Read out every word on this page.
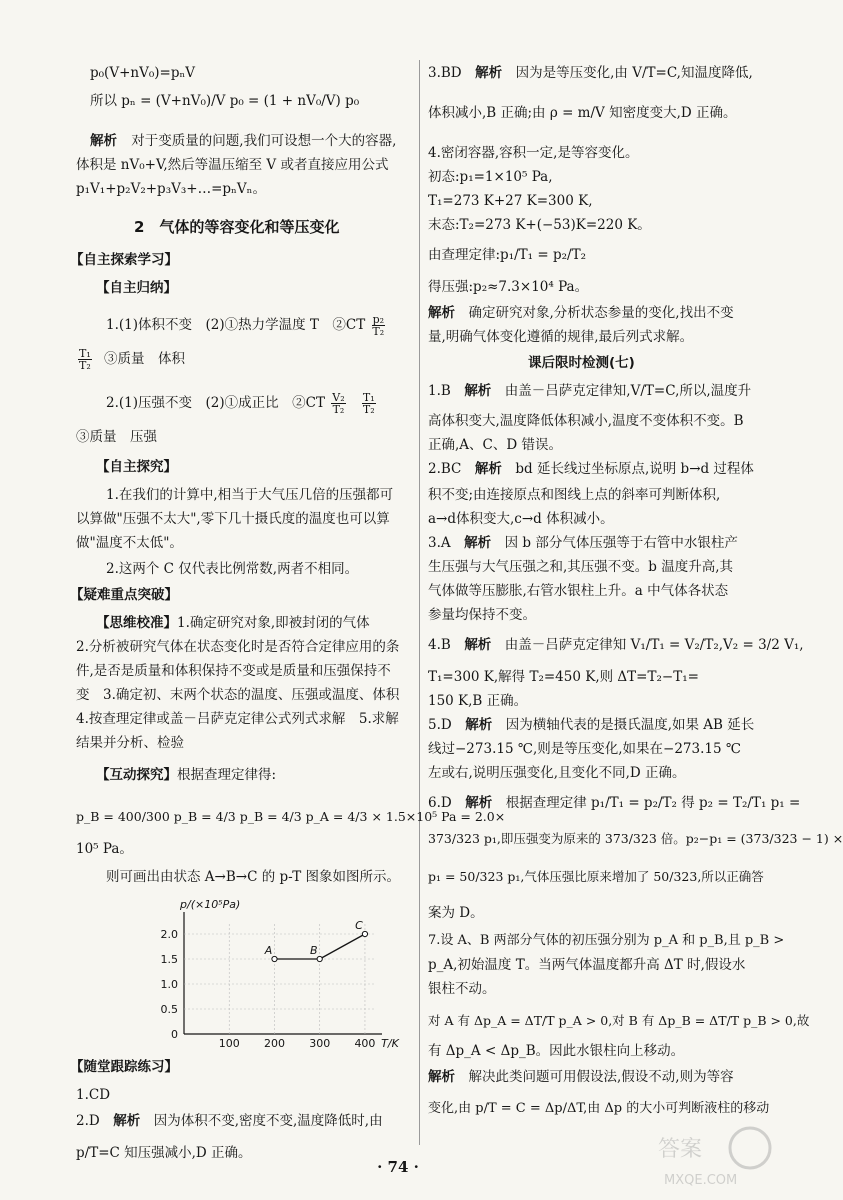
p₀(V+nV₀)=pₙV
所以 pₙ = (V+nV₀)/V p₀ = (1 + nV₀/V) p₀
解析 对于变质量的问题,我们可设想一个大的容器,
体积是 nV₀+V,然后等温压缩至 V 或者直接应用公式
p₁V₁+p₂V₂+p₃V₃+…=pₙVₙ。
2　气体的等容变化和等压变化
【自主探索学习】
【自主归纳】
1.(1)体积不变　(2)①热力学温度 T　②CT $\frac{\text{p₂}}{\text{T₂}}$
$\frac{\text{T₁}}{\text{T₂}}$ ③质量　体积
2.(1)压强不变　(2)①成正比　②CT $\frac{\text{V₂}}{\text{T₂}}$
$\frac{\text{T₁}}{\text{T₂}}$
③质量　压强
【自主探究】
1.在我们的计算中,相当于大气压几倍的压强都可
以算做"压强不太大",零下几十摄氏度的温度也可以算
做"温度不太低"。
2.这两个 C 仅代表比例常数,两者不相同。
【疑难重点突破】
【思维校准】1.确定研究对象,即被封闭的气体
2.分析被研究气体在状态变化时是否符合定律应用的条
件,是否是质量和体积保持不变或是质量和压强保持不
变　3.确定初、末两个状态的温度、压强或温度、体积
4.按查理定律或盖－吕萨克定律公式列式求解　5.求解
结果并分析、检验
【互动探究】根据查理定律得:
p_B = 400/300 p_B = 4/3 p_B = 4/3 p_A = 4/3 × 1.5×10⁵ Pa = 2.0×
10⁵ Pa。
则可画出由状态 A→B→C 的 p-T 图象如图所示。
0
0.5
1.0
1.5
2.0
100 200 300 400 T/K
p/(×10⁵Pa)
A	B
C
【随堂跟踪练习】
1.CD
2.D　解析　因为体积不变,密度不变,温度降低时,由
p/T=C 知压强减小,D 正确。
3.BD　解析　因为是等压变化,由 V/T=C,知温度降低,
体积减小,B 正确;由 ρ = m/V 知密度变大,D 正确。
4.密闭容器,容积一定,是等容变化。
初态:p₁=1×10⁵ Pa,
T₁=273 K+27 K=300 K,
末态:T₂=273 K+(−53)K=220 K。
由查理定律:p₁/T₁ = p₂/T₂
得压强:p₂≈7.3×10⁴ Pa。
解析　确定研究对象,分析状态参量的变化,找出不变
量,明确气体变化遵循的规律,最后列式求解。
课后限时检测(七)
1.B　解析　由盖－吕萨克定律知,V/T=C,所以,温度升
高体积变大,温度降低体积减小,温度不变体积不变。B
正确,A、C、D 错误。
2.BC　解析　bd 延长线过坐标原点,说明 b→d 过程体
积不变;由连接原点和图线上点的斜率可判断体积,
a→d体积变大,c→d 体积减小。
3.A　解析　因 b 部分气体压强等于右管中水银柱产
生压强与大气压强之和,其压强不变。b 温度升高,其
气体做等压膨胀,右管水银柱上升。a 中气体各状态
参量均保持不变。
4.B　解析　由盖－吕萨克定律知 V₁/T₁ = V₂/T₂,V₂ = 3/2 V₁,
T₁=300 K,解得 T₂=450 K,则 ΔT=T₂−T₁=
150 K,B 正确。
5.D　解析　因为横轴代表的是摄氏温度,如果 AB 延长
线过−273.15 ℃,则是等压变化,如果在−273.15 ℃
左或右,说明压强变化,且变化不同,D 正确。
6.D　解析　根据查理定律 p₁/T₁ = p₂/T₂ 得 p₂ = T₂/T₁ p₁ =
373/323 p₁,即压强变为原来的 373/323 倍。p₂−p₁ = (373/323 − 1) ×
p₁ = 50/323 p₁,气体压强比原来增加了 50/323,所以正确答
案为 D。
7.设 A、B 两部分气体的初压强分别为 p_A 和 p_B,且 p_B >
p_A,初始温度 T。当两气体温度都升高 ΔT 时,假设水
银柱不动。
对 A 有 Δp_A = ΔT/T p_A > 0,对 B 有 Δp_B = ΔT/T p_B > 0,故
有 Δp_A < Δp_B。因此水银柱向上移动。
解析　解决此类问题可用假设法,假设不动,则为等容
变化,由 p/T = C = Δp/ΔT,由 Δp 的大小可判断液柱的移动
· 74 ·
答案
MXQE.COM
